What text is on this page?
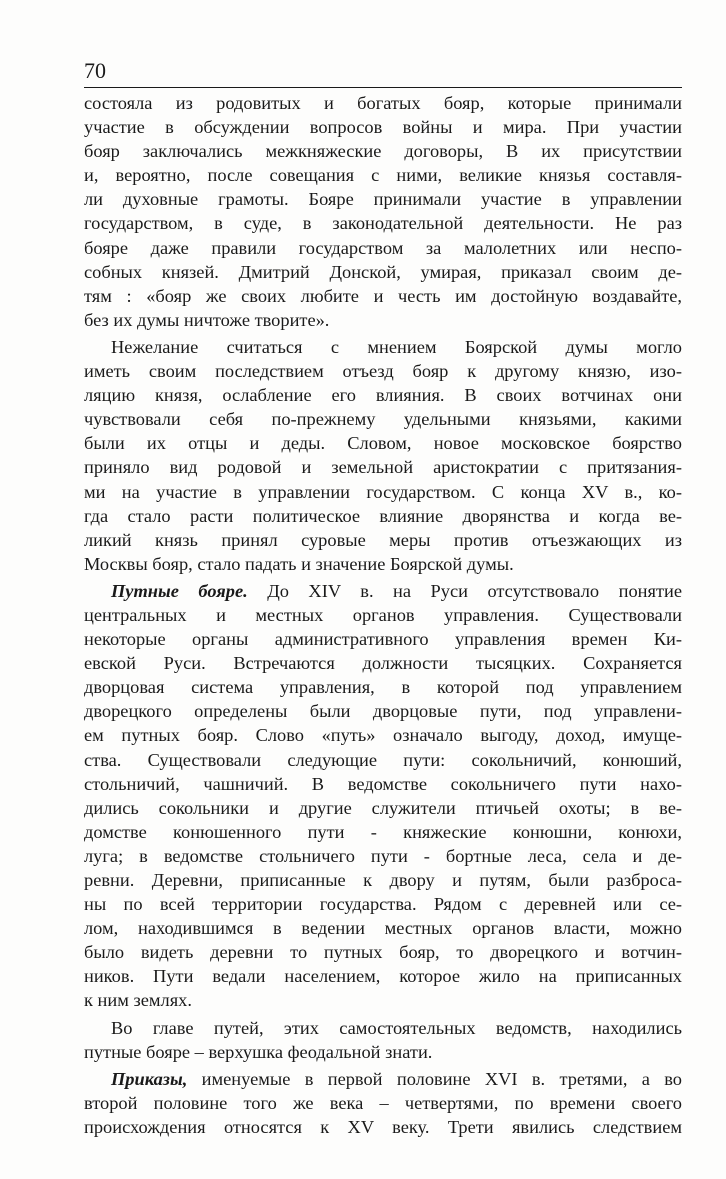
70
состояла из родовитых и богатых бояр, которые принимали
участие в обсуждении вопросов войны и мира. При участии
бояр заключались межкняжеские договоры, В их присутствии
и, вероятно, после совещания с ними, великие князья составля-
ли духовные грамоты. Бояре принимали участие в управлении
государством, в суде, в законодательной деятельности. Не раз
бояре даже правили государством за малолетних или неспо-
собных князей. Дмитрий Донской, умирая, приказал своим де-
тям : «бояр же своих любите и честь им достойную воздавайте,
без их думы ничтоже творите».
Нежелание считаться с мнением Боярской думы могло
иметь своим последствием отъезд бояр к другому князю, изо-
ляцию князя, ослабление его влияния. В своих вотчинах они
чувствовали себя по-прежнему удельными князьями, какими
были их отцы и деды. Словом, новое московское боярство
приняло вид родовой и земельной аристократии с притязания-
ми на участие в управлении государством. С конца XV в., ко-
гда стало расти политическое влияние дворянства и когда ве-
ликий князь принял суровые меры против отъезжающих из
Москвы бояр, стало падать и значение Боярской думы.
Путные бояре. До XIV в. на Руси отсутствовало понятие
центральных и местных органов управления. Существовали
некоторые органы административного управления времен Ки-
евской Руси. Встречаются должности тысяцких. Сохраняется
дворцовая система управления, в которой под управлением
дворецкого определены были дворцовые пути, под управлени-
ем путных бояр. Слово «путь» означало выгоду, доход, имуще-
ства. Существовали следующие пути: сокольничий, конюший,
стольничий, чашничий. В ведомстве сокольничего пути нахо-
дились сокольники и другие служители птичьей охоты; в ве-
домстве конюшенного пути - княжеские конюшни, конюхи,
луга; в ведомстве стольничего пути - бортные леса, села и де-
ревни. Деревни, приписанные к двору и путям, были разброса-
ны по всей территории государства. Рядом с деревней или се-
лом, находившимся в ведении местных органов власти, можно
было видеть деревни то путных бояр, то дворецкого и вотчин-
ников. Пути ведали населением, которое жило на приписанных
к ним землях.
Во главе путей, этих самостоятельных ведомств, находились
путные бояре – верхушка феодальной знати.
Приказы, именуемые в первой половине XVI в. третями, а во
второй половине того же века – четвертями, по времени своего
происхождения относятся к XV веку. Трети явились следствием
